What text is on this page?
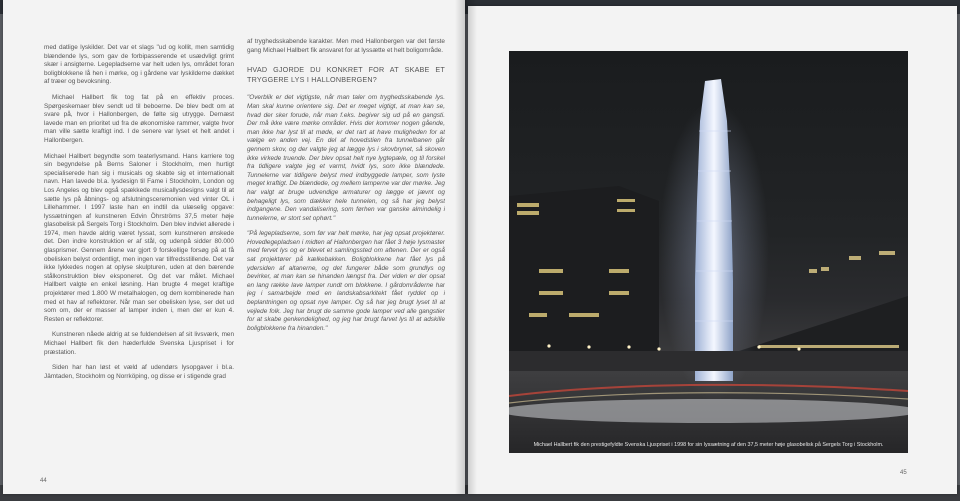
med datlige lyskilder. Det var et slags ''ud og kollit, men samtidig blændende lys, som gav de forbipasserende et usædvligt grimt skær i ansigterne. Legepladserne var helt uden lys, området foran boligblokkene lå hen i mørke, og i gårdene var lyskilderne dækket af træer og bevoksning.

Michael Hallbert fik tog fat på en effektiv proces. Spørgeskemaer blev sendt ud til beboerne. De blev bedt om at svare på, hvor i Hallonbergen, de følte sig utrygge. Dernæst lavede man en prioritet ud fra de økonomiske rammer, valgte hvor man ville sætte kraftigt ind. I de senere var lyset et helt andet i Hallonbergen.

Michael Hallbert begyndte som teaterlysmand. Hans karriere tog sin begyndelse på Berns Saloner i Stockholm, men hurtigt specialiserede han sig i musicals og skabte sig et internationalt navn. Han lavede bl.a. lysdesign til Fame i Stockholm, London og Los Angeles og blev også spækkede musicallysdesigns valgt til at sætte lys på åbnings- og afslutningsceremonien ved vinter OL i Lillehammer. I 1997 laste han en indtil da ulæselig opgave: lyssætningen af kunstneren Edvin Öhrströms 37,5 meter høje glasobelisk på Sergels Torg i Stockholm. Den blev indviet allerede i 1974, men havde aldrig været lyssat, som kunstneren ønskede det. Den indre konstruktion er af stål, og udenpå sidder 80.000 glasprismer. Gennem årene var gjort 9 forskellige forsøg på at få obelisken belyst ordentligt, men ingen var tilfredsstillende. Det var ikke lykkedes nogen at oplyse skulpturen, uden at den bærende stålkonstruktion blev eksponeret. Og det var målet. Michael Hallbert valgte en enkel løsning. Han brugte 4 meget kraftige projektører med 1.800 W metalhalogen, og dem kombinerede han med et hav af reflektorer. Når man ser obelisken lyse, ser det ud som om, der er masser af lamper inden i, men der er kun 4. Resten er reflektorer.

Kunstneren nåede aldrig at se fuldendelsen af sit livsværk, men Michael Hallbert fik den hæderfulde Svenska Ljuspriset i for præstation.

Siden har han løst et væld af udendørs lysopgaver i bl.a. Jämtaden, Stockholm og Norrköping, og disse er i stigende grad

af tryghedsskabende karakter. Men med Hallonbergen var det første gang Michael Hallbert fik ansvaret for at lyssætte et helt boligområde.

HVAD GJORDE DU KONKRET FOR AT SKABE ET TRYGGERE LYS I HALLONBERGEN?

"Overblik er det vigtigste, når man taler om tryghedsskabende lys. Man skal kunne orientere sig. Det er meget vigtigt, at man kan se, hvad der sker forude, når man f.eks. begiver sig ud på en gangsti. Der må ikke være mørke områder. Hvis der kommer nogen gående, man ikke har lyst til at møde, er det rart at have muligheden for at vælge en anden vej. En del af hovedstien fra tunnelbanen går gennem skov, og der valgte jeg at lægge lys i skovbrynet, så skoven ikke virkede truende. Der blev opsat helt nye lygtepæle, og til forskel fra tidligere valgte jeg et varmt, hvidt lys, som ikke blændede. Tunnelerne var tidligere belyst med indbyggede lamper, som lyste meget kraftigt. De blændede, og mellem lamperne var der mørke. Jeg har valgt at bruge udvendige armaturer og lægge et jævnt og behageligt lys, som dækker hele tunnelen, og så har jeg belyst indgangene. Den vandalisering, som førhen var ganske almindelig i tunnelerne, er stort set ophørt."

"På legepladserne, som før var helt mørke, har jeg opsat projektører. Hovedlegepladsen i midten af Hallonbergen har fået 3 høje lysmaster med fervet lys og er blevet et samlingssted om aftenen. Der er også sat projektører på kælkebakken. Boligblokkene har fået lys på ydersiden af altanerne, og det fungerer både som grundlys og bevirker, at man kan se hinanden længst fra. Der viden er der opsat en lang række lave lamper rundt om blokkene. I gårdområderne har jeg i samarbejde med en landskabsarkitekt fået ryddet op i beplantningen og opsat nye lamper. Og så har jeg brugt lyset til at vejlede folk. Jeg har brugt de samme gode lamper ved alle gangstier for at skabe genkendelighed, og jeg har brugt farvet lys til at adskille boligblokkene fra hinanden."

44
45
Michael Hallbert fik den prestigefyldte Svenska Ljuspriset i 1998 for sin lyssætning af den 37,5 meter høje glasobelisk på Sergels Torg i Stockholm.
